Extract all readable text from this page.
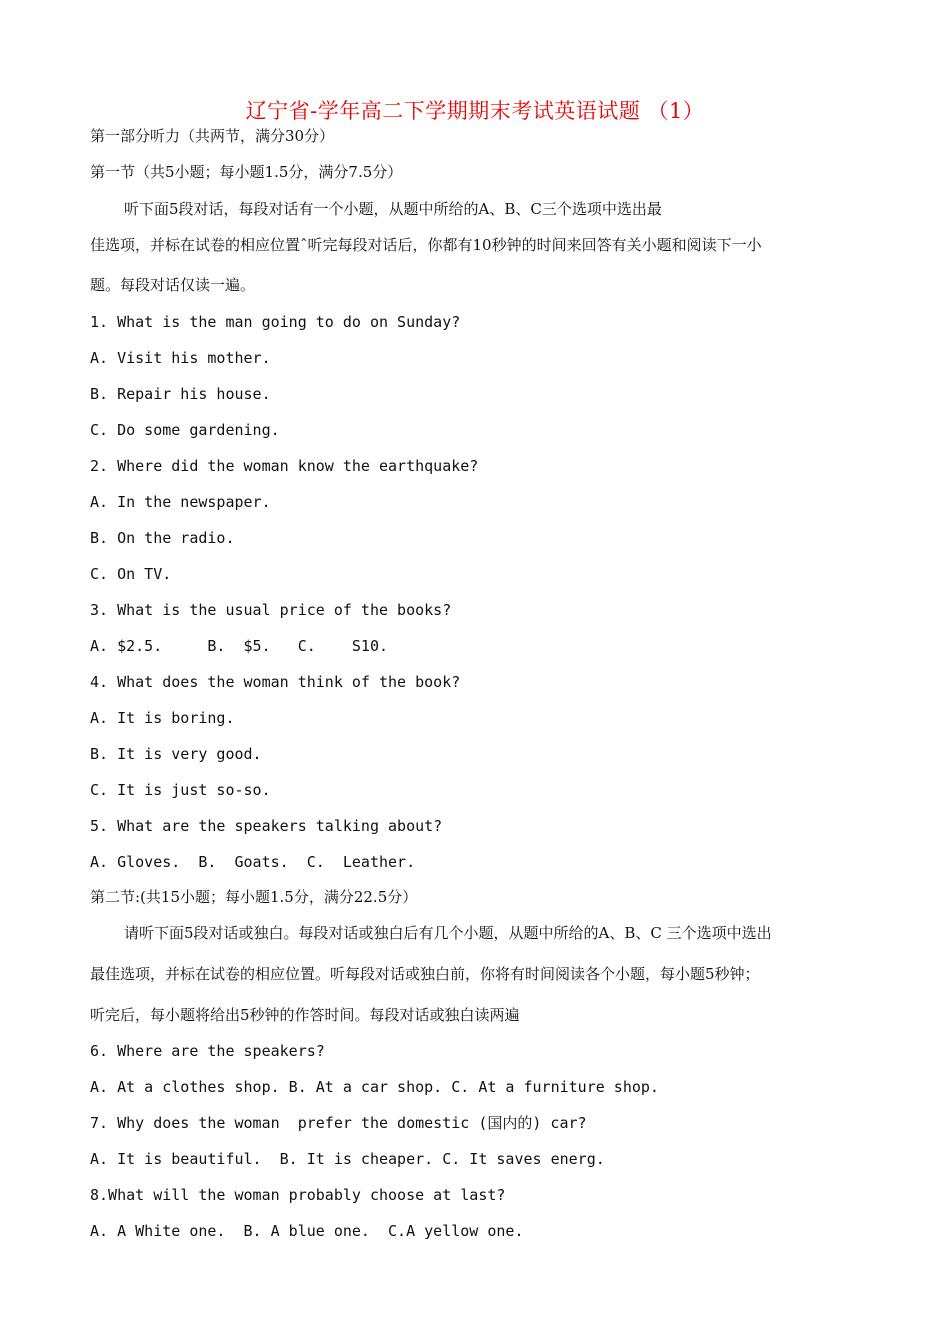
辽宁省-学年高二下学期期末考试英语试题 （1）
第一部分听力（共两节，满分30分）
第一节（共5小题；每小题1.5分，满分7.5分）
听下面5段对话，每段对话有一个小题，从题中所给的A、B、C三个选项中选出最
佳选项，并标在试卷的相应位置ˆ听完每段对话后，你都有10秒钟的时间来回答有关小题和阅读下一小
题。每段对话仅读一遍。
1. What is the man going to do on Sunday?
A. Visit his mother.
B. Repair his house.
C. Do some gardening.
2. Where did the woman know the earthquake?
A. In the newspaper.
B. On the radio.
C. On TV.
3. What is the usual price of the books?
A. $2.5.     B.  $5.   C.    S10.
4. What does the woman think of the book?
A. It is boring.
B. It is very good.
C. It is just so-so.
5. What are the speakers talking about?
A. Gloves.  B.  Goats.  C.  Leather.
第二节:(共15小题；每小题1.5分，满分22.5分）
请听下面5段对话或独白。每段对话或独白后有几个小题，从题中所给的A、B、C 三个选项中选出
最佳选项，并标在试卷的相应位置。听每段对话或独白前，你将有时间阅读各个小题，每小题5秒钟；
听完后，每小题将给出5秒钟的作答时间。每段对话或独白读两遍
6. Where are the speakers?
A. At a clothes shop. B. At a car shop. C. At a furniture shop.
7. Why does the woman  prefer the domestic (国内的) car?
A. It is beautiful.  B. It is cheaper. C. It saves energ.
8.What will the woman probably choose at last?
A. A White one.  B. A blue one.  C.A yellow one.
